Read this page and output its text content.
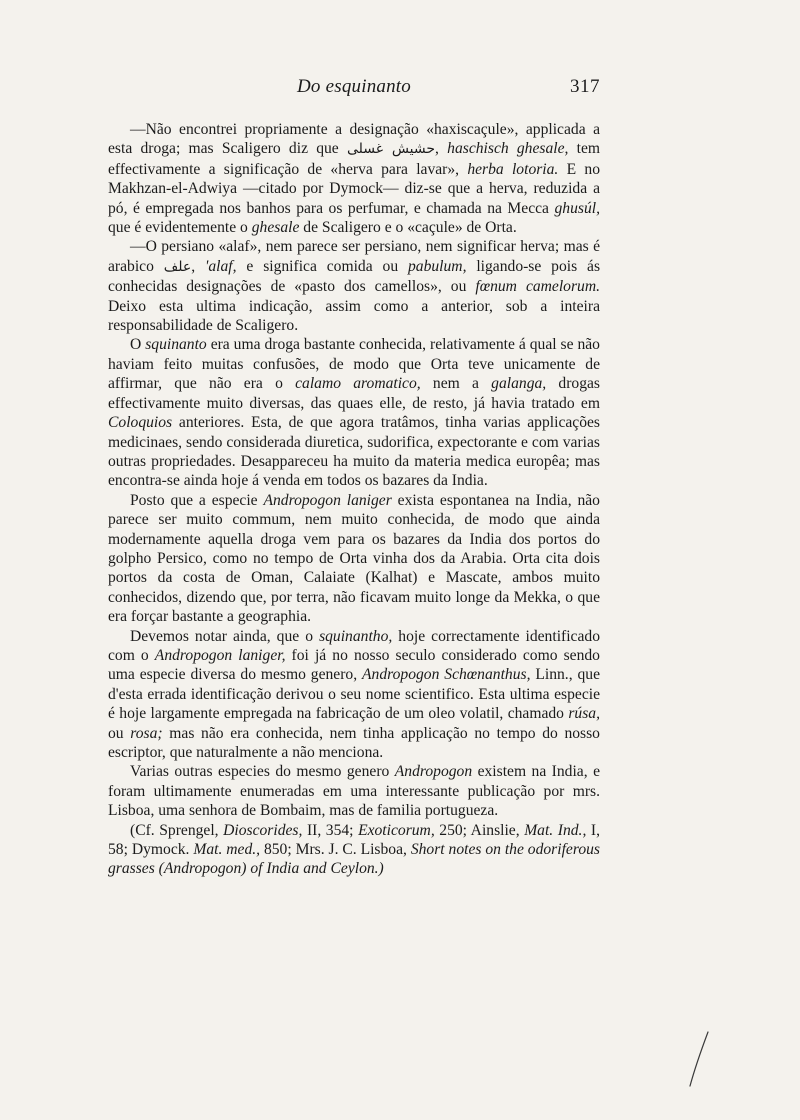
Do esquinanto	317

—Não encontrei propriamente a designação «haxiscaçule», applicada a esta droga; mas Scaligero diz que حشيش غسلى, haschisch ghesale, tem effectivamente a significação de «herva para lavar», herba lotoria. E no Makhzan-el-Adwiya —citado por Dymock— diz-se que a herva, reduzida a pó, é empregada nos banhos para os perfumar, e chamada na Mecca ghusúl, que é evidentemente o ghesale de Scaligero e o «caçule» de Orta.

—O persiano «alaf», nem parece ser persiano, nem significar herva; mas é arabico علف, 'alaf, e significa comida ou pabulum, ligando-se pois ás conhecidas designações de «pasto dos camellos», ou fœnum camelorum. Deixo esta ultima indicação, assim como a anterior, sob a inteira responsabilidade de Scaligero.

O squinanto era uma droga bastante conhecida, relativamente á qual se não haviam feito muitas confusões, de modo que Orta teve unicamente de affirmar, que não era o calamo aromatico, nem a galanga, drogas effectivamente muito diversas, das quaes elle, de resto, já havia tratado em Coloquios anteriores. Esta, de que agora tratâmos, tinha varias applicações medicinaes, sendo considerada diuretica, sudorifica, expectorante e com varias outras propriedades. Desappareceu ha muito da materia medica europêa; mas encontra-se ainda hoje á venda em todos os bazares da India.

Posto que a especie Andropogon laniger exista espontanea na India, não parece ser muito commum, nem muito conhecida, de modo que ainda modernamente aquella droga vem para os bazares da India dos portos do golpho Persico, como no tempo de Orta vinha dos da Arabia. Orta cita dois portos da costa de Oman, Calaiate (Kalhat) e Mascate, ambos muito conhecidos, dizendo que, por terra, não ficavam muito longe da Mekka, o que era forçar bastante a geographia.

Devemos notar ainda, que o squinantho, hoje correctamente identificado com o Andropogon laniger, foi já no nosso seculo considerado como sendo uma especie diversa do mesmo genero, Andropogon Schœnanthus, Linn., que d'esta errada identificação derivou o seu nome scientifico. Esta ultima especie é hoje largamente empregada na fabricação de um oleo volatil, chamado rúsa, ou rosa; mas não era conhecida, nem tinha applicação no tempo do nosso escriptor, que naturalmente a não menciona.

Varias outras especies do mesmo genero Andropogon existem na India, e foram ultimamente enumeradas em uma interessante publicação por mrs. Lisboa, uma senhora de Bombaim, mas de familia portugueza.

(Cf. Sprengel, Dioscorides, II, 354; Exoticorum, 250; Ainslie, Mat. Ind., I, 58; Dymock. Mat. med., 850; Mrs. J. C. Lisboa, Short notes on the odoriferous grasses (Andropogon) of India and Ceylon.)
